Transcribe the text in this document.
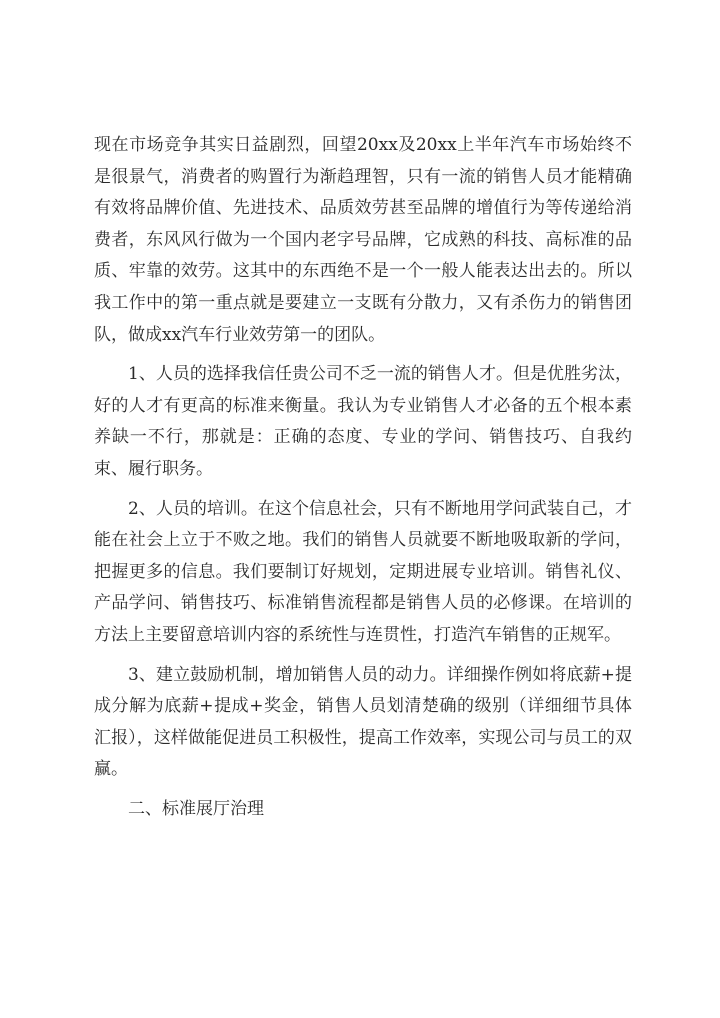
现在市场竞争其实日益剧烈，回望20xx及20xx上半年汽车市场始终不是很景气，消费者的购置行为渐趋理智，只有一流的销售人员才能精确有效将品牌价值、先进技术、品质效劳甚至品牌的增值行为等传递给消费者，东风风行做为一个国内老字号品牌，它成熟的科技、高标准的品质、牢靠的效劳。这其中的东西绝不是一个一般人能表达出去的。所以我工作中的第一重点就是要建立一支既有分散力，又有杀伤力的销售团队，做成xx汽车行业效劳第一的团队。

1、人员的选择我信任贵公司不乏一流的销售人才。但是优胜劣汰，好的人才有更高的标准来衡量。我认为专业销售人才必备的五个根本素养缺一不行，那就是：正确的态度、专业的学问、销售技巧、自我约束、履行职务。

2、人员的培训。在这个信息社会，只有不断地用学问武装自己，才能在社会上立于不败之地。我们的销售人员就要不断地吸取新的学问，把握更多的信息。我们要制订好规划，定期进展专业培训。销售礼仪、产品学问、销售技巧、标准销售流程都是销售人员的必修课。在培训的方法上主要留意培训内容的系统性与连贯性，打造汽车销售的正规军。

3、建立鼓励机制，增加销售人员的动力。详细操作例如将底薪+提成分解为底薪+提成+奖金，销售人员划清楚确的级别（详细细节具体汇报），这样做能促进员工积极性，提高工作效率，实现公司与员工的双赢。

二、标准展厅治理
